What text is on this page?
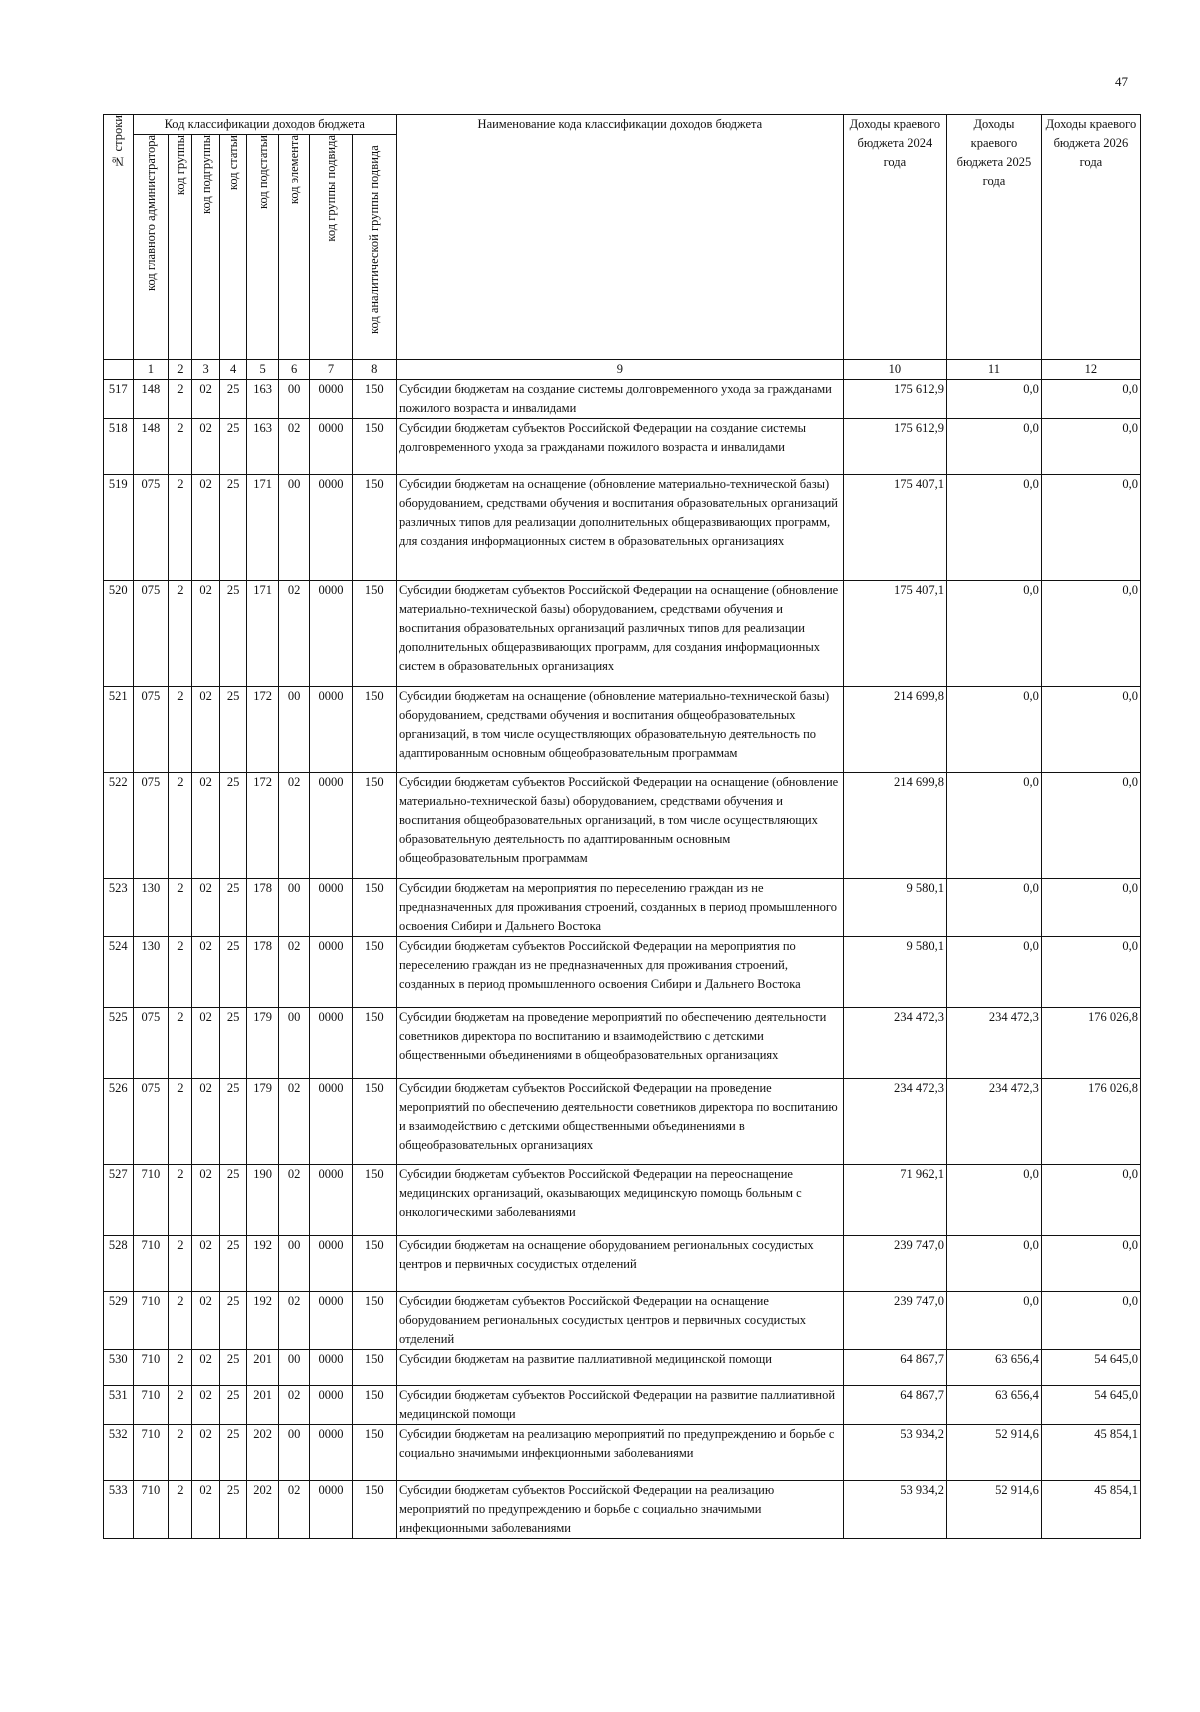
47
№ строки	Код классификации доходов бюджета								Наименование кода классификации доходов бюджета	Доходы краевого бюджета 2024 года	Доходы краевого бюджета 2025 года	Доходы краевого бюджета 2026 года
	код главного администратора	код группы	код подгруппы	код статьи	код подстатьи	код элемента	код группы подвида	код аналитической группы подвида				
	1	2	3	4	5	6	7	8	9	10	11	12
517	148	2	02	25	163	00	0000	150	Субсидии бюджетам на создание системы долговременного ухода за гражданами пожилого возраста и инвалидами	175 612,9	0,0	0,0
518	148	2	02	25	163	02	0000	150	Субсидии бюджетам субъектов Российской Федерации на создание системы долговременного ухода за гражданами пожилого возраста и инвалидами	175 612,9	0,0	0,0
519	075	2	02	25	171	00	0000	150	Субсидии бюджетам на оснащение (обновление материально-технической базы) оборудованием, средствами обучения и воспитания образовательных организаций различных типов для реализации дополнительных общеразвивающих программ, для создания информационных систем в образовательных организациях	175 407,1	0,0	0,0
520	075	2	02	25	171	02	0000	150	Субсидии бюджетам субъектов Российской Федерации на оснащение (обновление материально-технической базы) оборудованием, средствами обучения и воспитания образовательных организаций различных типов для реализации дополнительных общеразвивающих программ, для создания информационных систем в образовательных организациях	175 407,1	0,0	0,0
521	075	2	02	25	172	00	0000	150	Субсидии бюджетам на оснащение (обновление материально-технической базы) оборудованием, средствами обучения и воспитания общеобразовательных организаций, в том числе осуществляющих образовательную деятельность по адаптированным основным общеобразовательным программам	214 699,8	0,0	0,0
522	075	2	02	25	172	02	0000	150	Субсидии бюджетам субъектов Российской Федерации на оснащение (обновление материально-технической базы) оборудованием, средствами обучения и воспитания общеобразовательных организаций, в том числе осуществляющих образовательную деятельность по адаптированным основным общеобразовательным программам	214 699,8	0,0	0,0
523	130	2	02	25	178	00	0000	150	Субсидии бюджетам на мероприятия по переселению граждан из не предназначенных для проживания строений, созданных в период промышленного освоения Сибири и Дальнего Востока	9 580,1	0,0	0,0
524	130	2	02	25	178	02	0000	150	Субсидии бюджетам субъектов Российской Федерации на мероприятия по переселению граждан из не предназначенных для проживания строений, созданных в период промышленного освоения Сибири и Дальнего Востока	9 580,1	0,0	0,0
525	075	2	02	25	179	00	0000	150	Субсидии бюджетам на проведение мероприятий по обеспечению деятельности советников директора по воспитанию и взаимодействию с детскими общественными объединениями в общеобразовательных организациях	234 472,3	234 472,3	176 026,8
526	075	2	02	25	179	02	0000	150	Субсидии бюджетам субъектов Российской Федерации на проведение мероприятий по обеспечению деятельности советников директора по воспитанию и взаимодействию с детскими общественными объединениями в общеобразовательных организациях	234 472,3	234 472,3	176 026,8
527	710	2	02	25	190	02	0000	150	Субсидии бюджетам субъектов Российской Федерации на переоснащение медицинских организаций, оказывающих медицинскую помощь больным с онкологическими заболеваниями	71 962,1	0,0	0,0
528	710	2	02	25	192	00	0000	150	Субсидии бюджетам на оснащение оборудованием региональных сосудистых центров и первичных сосудистых отделений	239 747,0	0,0	0,0
529	710	2	02	25	192	02	0000	150	Субсидии бюджетам субъектов Российской Федерации на оснащение оборудованием региональных сосудистых центров и первичных сосудистых отделений	239 747,0	0,0	0,0
530	710	2	02	25	201	00	0000	150	Субсидии бюджетам на развитие паллиативной медицинской помощи	64 867,7	63 656,4	54 645,0
531	710	2	02	25	201	02	0000	150	Субсидии бюджетам субъектов Российской Федерации на развитие паллиативной медицинской помощи	64 867,7	63 656,4	54 645,0
532	710	2	02	25	202	00	0000	150	Субсидии бюджетам на реализацию мероприятий по предупреждению и борьбе с социально значимыми инфекционными заболеваниями	53 934,2	52 914,6	45 854,1
533	710	2	02	25	202	02	0000	150	Субсидии бюджетам субъектов Российской Федерации на реализацию мероприятий по предупреждению и борьбе с социально значимыми инфекционными заболеваниями	53 934,2	52 914,6	45 854,1
